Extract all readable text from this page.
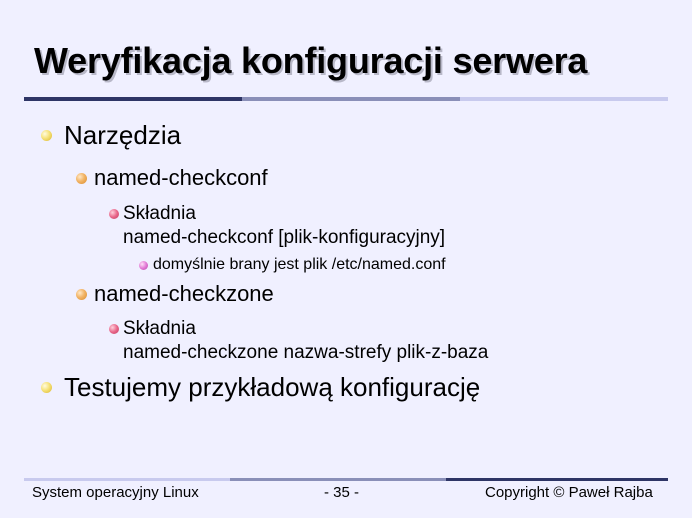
Weryfikacja konfiguracji serwera
Narzędzia
named-checkconf
Składnia
named-checkconf [plik-konfiguracyjny]
domyślnie brany jest plik /etc/named.conf
named-checkzone
Składnia
named-checkzone nazwa-strefy plik-z-baza
Testujemy przykładową konfigurację
System operacyjny Linux	- 35 -	Copyright © Paweł Rajba
